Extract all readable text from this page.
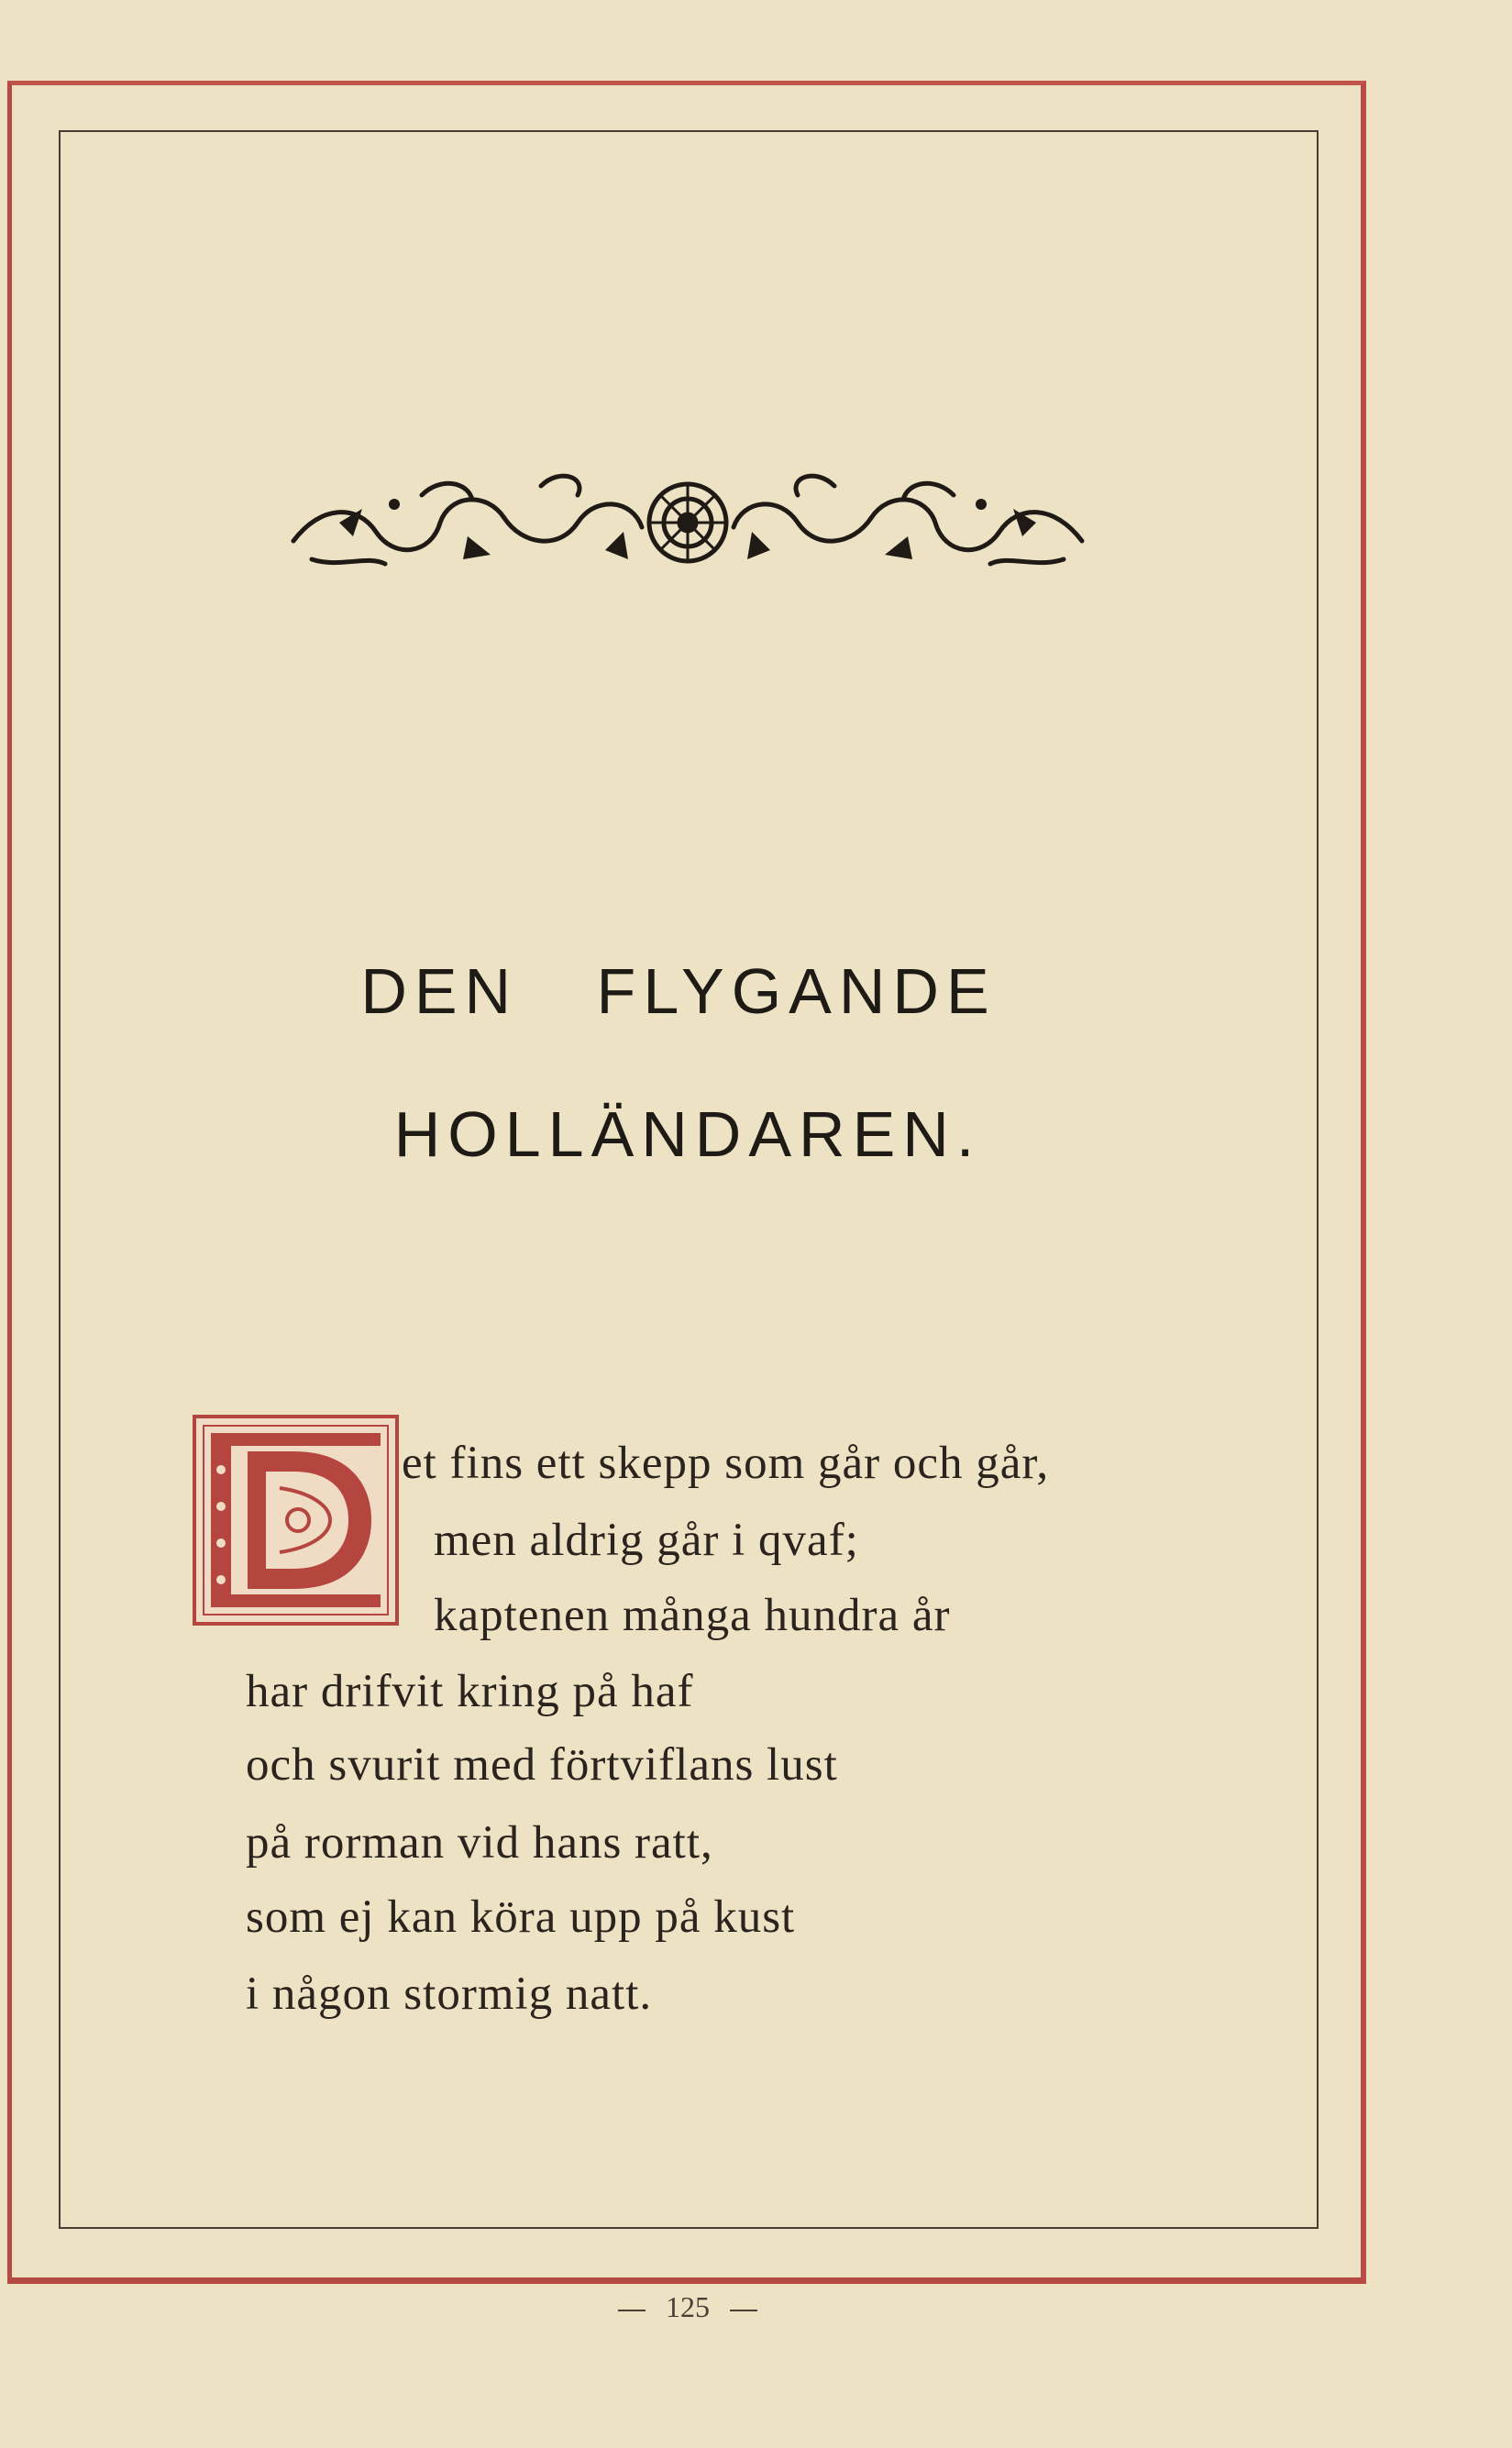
DEN FLYGANDE
HOLLÄNDAREN.
et fins ett skepp som går och går,
men aldrig går i qvaf;
kaptenen många hundra år
har drifvit kring på haf
och svurit med förtviflans lust
på rorman vid hans ratt,
som ej kan köra upp på kust
i någon stormig natt.
125
